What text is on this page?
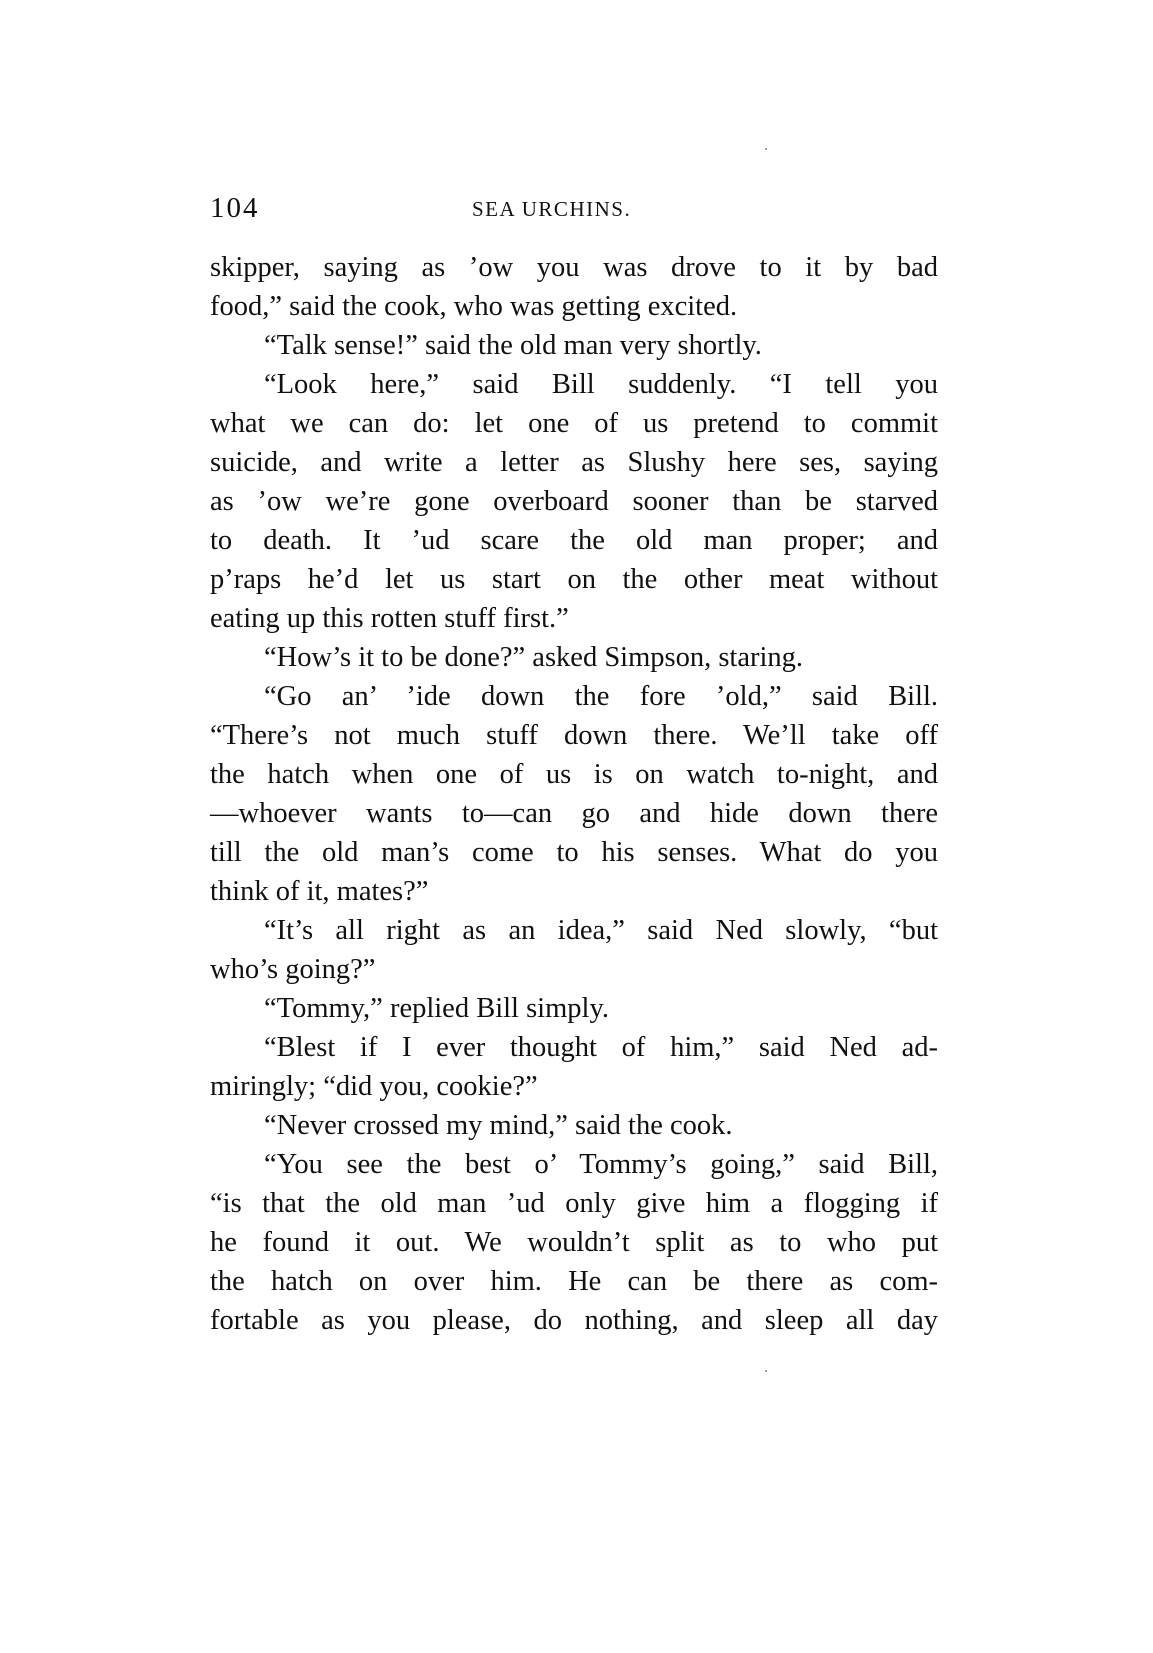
104	SEA URCHINS.
skipper, saying as ’ow you was drove to it by bad
food,” said the cook, who was getting excited.
“Talk sense!” said the old man very shortly.
“Look here,” said Bill suddenly. “I tell you
what we can do: let one of us pretend to commit
suicide, and write a letter as Slushy here ses, saying
as ’ow we’re gone overboard sooner than be starved
to death. It ’ud scare the old man proper; and
p’raps he’d let us start on the other meat without
eating up this rotten stuff first.”
“How’s it to be done?” asked Simpson, staring.
“Go an’ ’ide down the fore ’old,” said Bill.
“There’s not much stuff down there. We’ll take off
the hatch when one of us is on watch to-night, and
—whoever wants to—can go and hide down there
till the old man’s come to his senses. What do you
think of it, mates?”
“It’s all right as an idea,” said Ned slowly, “but
who’s going?”
“Tommy,” replied Bill simply.
“Blest if I ever thought of him,” said Ned ad-
miringly; “did you, cookie?”
“Never crossed my mind,” said the cook.
“You see the best o’ Tommy’s going,” said Bill,
“is that the old man ’ud only give him a flogging if
he found it out. We wouldn’t split as to who put
the hatch on over him. He can be there as com-
fortable as you please, do nothing, and sleep all day
